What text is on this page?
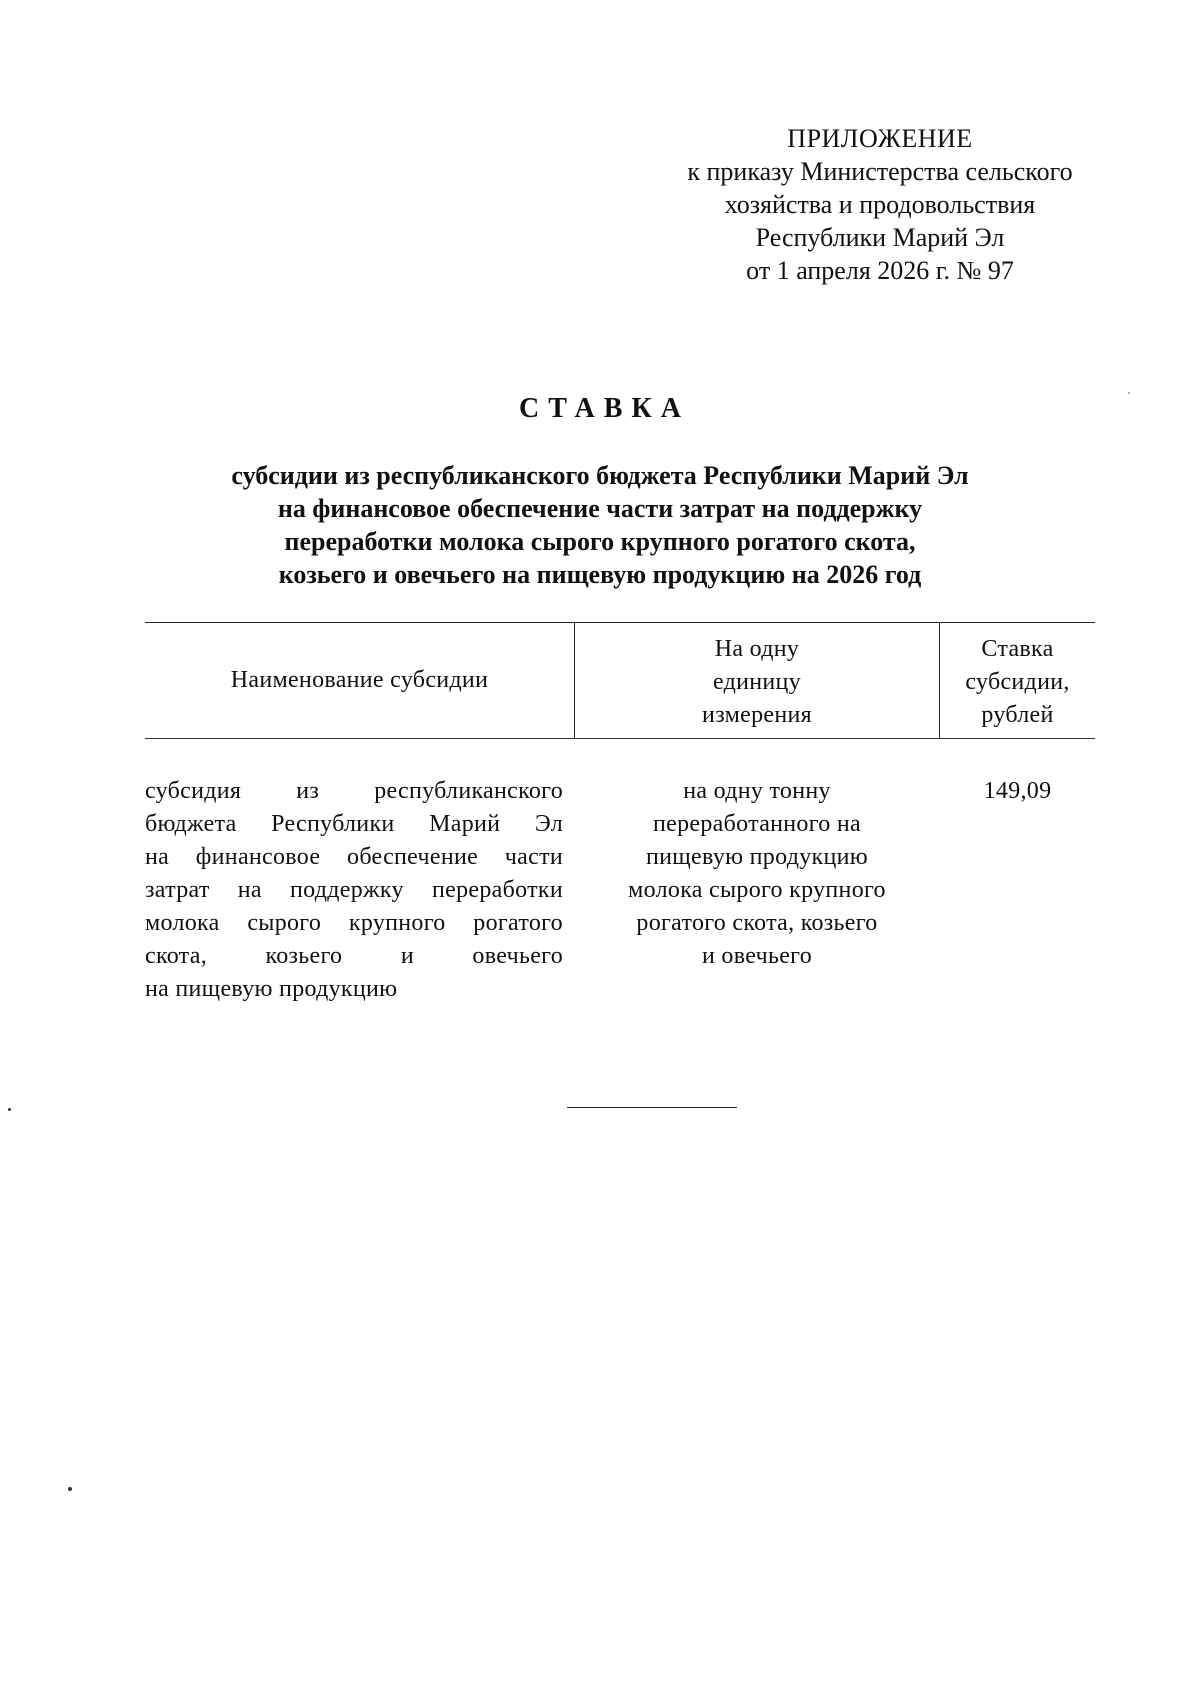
ПРИЛОЖЕНИЕ
к приказу Министерства сельского
хозяйства и продовольствия
Республики Марий Эл
от 1 апреля 2026 г. № 97
СТАВКА
субсидии из республиканского бюджета Республики Марий Эл
на финансовое обеспечение части затрат на поддержку
переработки молока сырого крупного рогатого скота,
козьего и овечьего на пищевую продукцию на 2026 год
Наименование субсидии
На одну
единицу
измерения
Ставка
субсидии,
рублей
субсидия из республиканского
бюджета Республики Марий Эл
на финансовое обеспечение части
затрат на поддержку переработки
молока сырого крупного рогатого
скота, козьего и овечьего
на пищевую продукцию
на одну тонну
переработанного на
пищевую продукцию
молока сырого крупного
рогатого скота, козьего
и овечьего
149,09
